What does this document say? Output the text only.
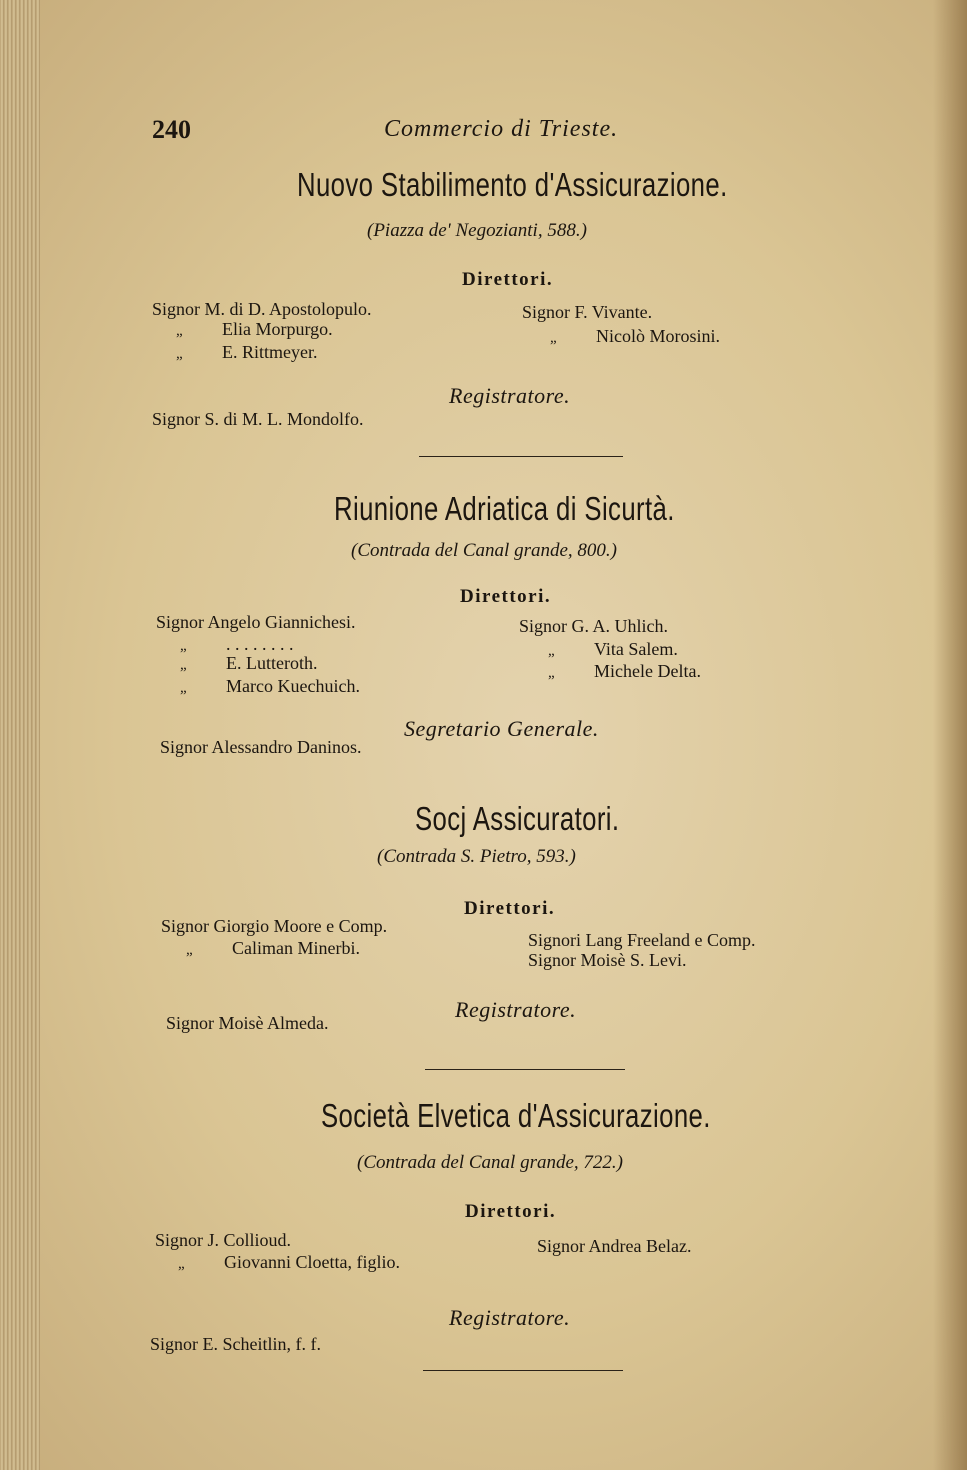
240	Commercio di Trieste.
Nuovo Stabilimento d'Assicurazione.
(Piazza de' Negozianti, 588.)
Direttori.
Signor M. di D. Apostolopulo.
„ Elia Morpurgo.
„ E. Rittmeyer.
Signor F. Vivante.
„ Nicolò Morosini.
Registratore.
Signor S. di M. L. Mondolfo.
Riunione Adriatica di Sicurtà.
(Contrada del Canal grande, 800.)
Direttori.
Signor Angelo Giannichesi.
„ . . . . . . . .
„ E. Lutteroth.
„ Marco Kuechuich.
Signor G. A. Uhlich.
„ Vita Salem.
„ Michele Delta.
Segretario Generale.
Signor Alessandro Daninos.
Socj Assicuratori.
(Contrada S. Pietro, 593.)
Direttori.
Signor Giorgio Moore e Comp.
„ Caliman Minerbi.	Signori Lang Freeland e Comp.
Signor Moisè S. Levi.
Registratore.
Signor Moisè Almeda.
Società Elvetica d'Assicurazione.
(Contrada del Canal grande, 722.)
Direttori.
Signor J. Collioud.
„ Giovanni Cloetta, figlio.
Signor Andrea Belaz.
Registratore.
Signor E. Scheitlin, f. f.
